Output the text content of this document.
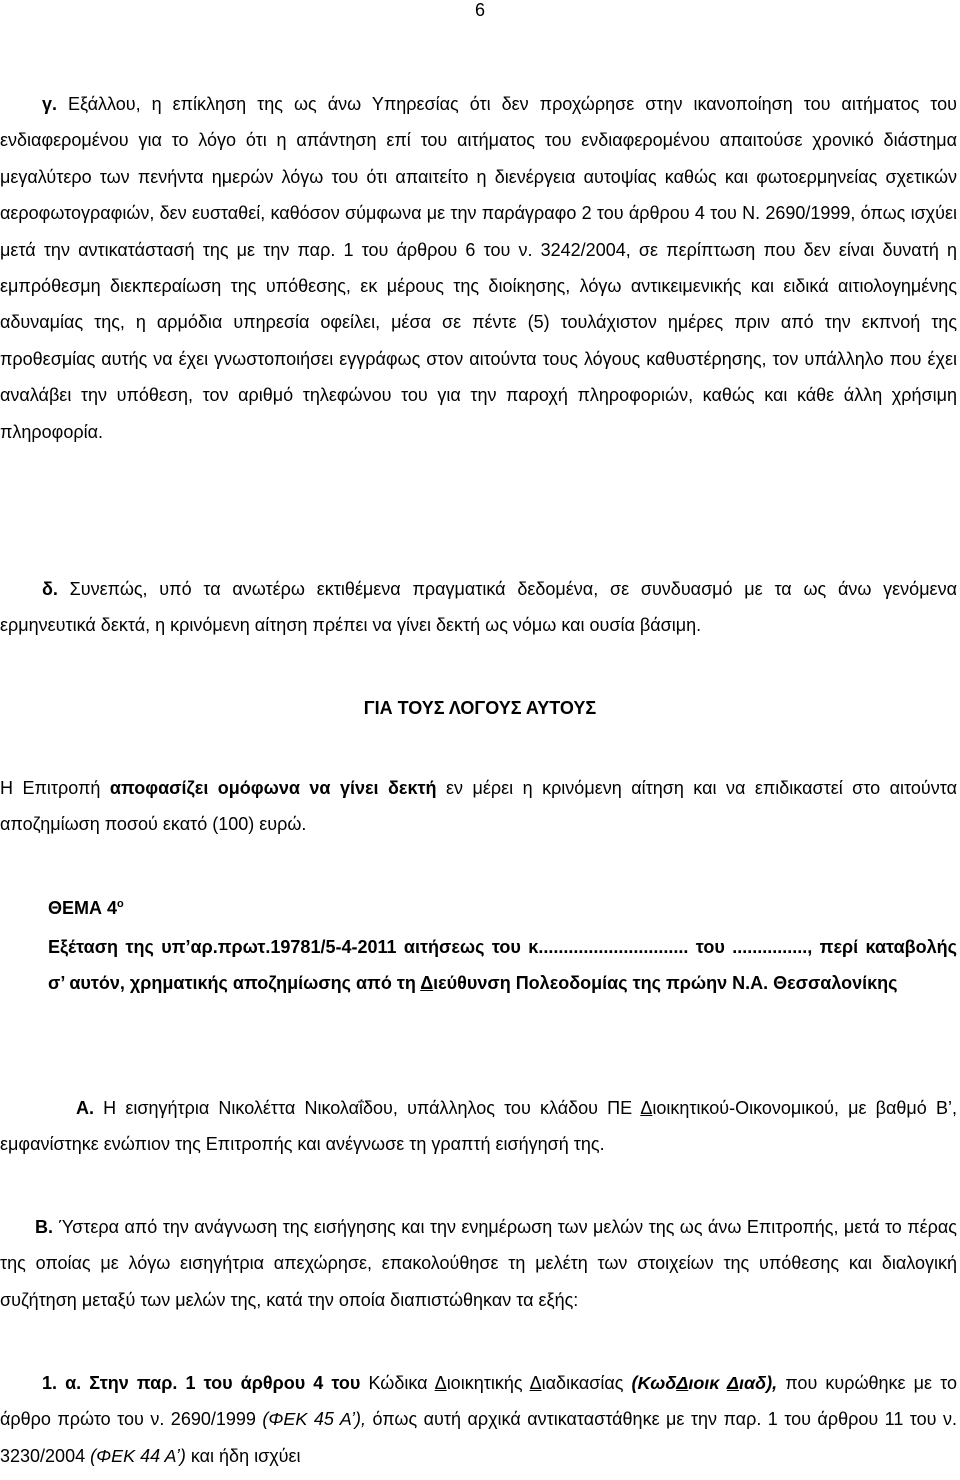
6

γ. Εξάλλου, η επίκληση της ως άνω Υπηρεσίας ότι δεν προχώρησε στην ικανοποίηση του αιτήματος του ενδιαφερομένου για το λόγο ότι η απάντηση επί του αιτήματος του ενδιαφερομένου απαιτούσε χρονικό διάστημα μεγαλύτερο των πενήντα ημερών λόγω του ότι απαιτείτο η διενέργεια αυτοψίας καθώς και φωτοερμηνείας σχετικών αεροφωτογραφιών, δεν ευσταθεί, καθόσον σύμφωνα με την παράγραφο 2 του άρθρου 4 του Ν. 2690/1999, όπως ισχύει μετά την αντικατάστασή της με την παρ. 1 του άρθρου 6 του ν. 3242/2004, σε περίπτωση που δεν είναι δυνατή η εμπρόθεσμη διεκπεραίωση της υπόθεσης, εκ μέρους της διοίκησης, λόγω αντικειμενικής και ειδικά αιτιολογημένης αδυναμίας της, η αρμόδια υπηρεσία οφείλει, μέσα σε πέντε (5) τουλάχιστον ημέρες πριν από την εκπνοή της προθεσμίας αυτής να έχει γνωστοποιήσει εγγράφως στον αιτούντα τους λόγους καθυστέρησης, τον υπάλληλο που έχει αναλάβει την υπόθεση, τον αριθμό τηλεφώνου του για την παροχή πληροφοριών, καθώς και κάθε άλλη χρήσιμη πληροφορία.

δ. Συνεπώς, υπό τα ανωτέρω εκτιθέμενα πραγματικά δεδομένα, σε συνδυασμό με τα ως άνω γενόμενα ερμηνευτικά δεκτά, η κρινόμενη αίτηση πρέπει να γίνει δεκτή ως νόμω και ουσία βάσιμη.

ΓΙΑ ΤΟΥΣ ΛΟΓΟΥΣ ΑΥΤΟΥΣ

Η Επιτροπή αποφασίζει ομόφωνα να γίνει δεκτή εν μέρει η κρινόμενη αίτηση και να επιδικαστεί στο αιτούντα αποζημίωση ποσού εκατό (100) ευρώ.

ΘΕΜΑ $4^o$

Εξέταση της υπ’αρ.πρωτ.19781/5-4-2011 αιτήσεως του κ.............................. του ..............., περί καταβολής σ’ αυτόν, χρηματικής αποζημίωσης από τη Διεύθυνση Πολεοδομίας της πρώην Ν.Α. Θεσσαλονίκης

Α. Η εισηγήτρια Νικολέττα Νικολαΐδου, υπάλληλος του κλάδου ΠΕ Διοικητικού-Οικονομικού, με βαθμό Β’, εμφανίστηκε ενώπιον της Επιτροπής και ανέγνωσε τη γραπτή εισήγησή της.

Β. Ύστερα από την ανάγνωση της εισήγησης και την ενημέρωση των μελών της ως άνω Επιτροπής, μετά το πέρας της οποίας με λόγω εισηγήτρια απεχώρησε, επακολούθησε τη μελέτη των στοιχείων της υπόθεσης και διαλογική συζήτηση μεταξύ των μελών της, κατά την οποία διαπιστώθηκαν τα εξής:

1. α. Στην παρ. 1 του άρθρου 4 του Κώδικα Διοικητικής Διαδικασίας (ΚωδΔιοικ Διαδ), που κυρώθηκε με το άρθρο πρώτο του ν. 2690/1999 (ΦΕΚ 45 Α’), όπως αυτή αρχικά αντικαταστάθηκε με την παρ. 1 του άρθρου 11 του ν. 3230/2004 (ΦΕΚ 44 Α’) και ήδη ισχύει
